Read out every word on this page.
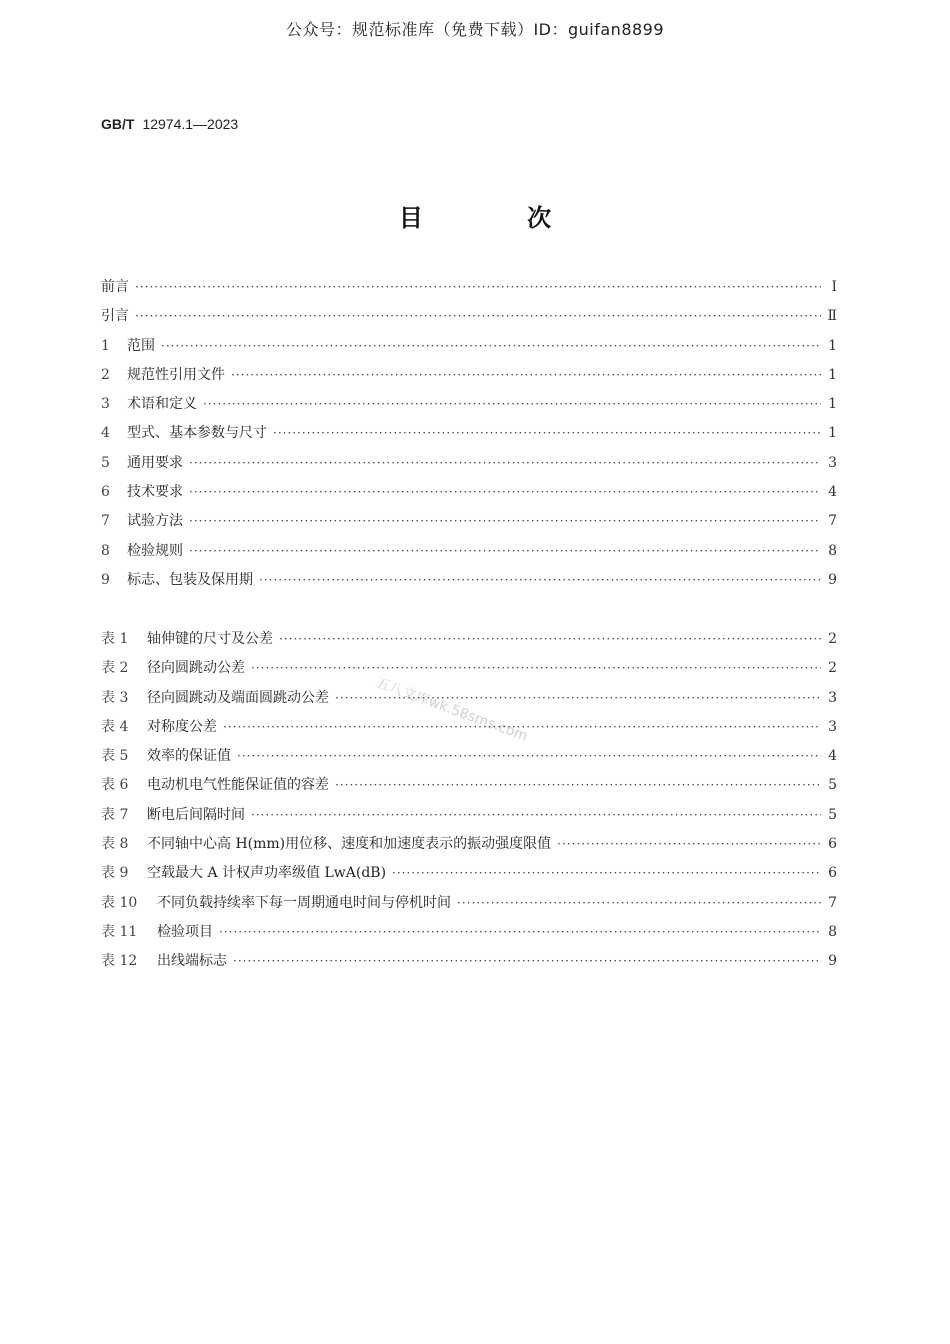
公众号：规范标准库（免费下载）ID：guifan8899
GB/T 12974.1—2023
目 次
前言 ·····	Ⅰ
引言 ·····	Ⅱ
1 范围 ·····	1
2 规范性引用文件 ·····	1
3 术语和定义 ·····	1
4 型式、基本参数与尺寸 ·····	1
5 通用要求 ·····	3
6 技术要求 ·····	4
7 试验方法 ·····	7
8 检验规则 ·····	8
9 标志、包装及保用期 ·····	9
表 1 轴伸键的尺寸及公差 ·····	2
表 2 径向圆跳动公差 ·····	2
表 3 径向圆跳动及端面圆跳动公差 ·····	3
表 4 对称度公差 ·····	3
表 5 效率的保证值 ·····	4
表 6 电动机电气性能保证值的容差 ·····	5
表 7 断电后间隔时间 ·····	5
表 8 不同轴中心高 H(mm)用位移、速度和加速度表示的振动强度限值 ·····	6
表 9 空载最大 A 计权声功率级值 LwA(dB) ·····	6
表 10 不同负载持续率下每一周期通电时间与停机时间 ·····	7
表 11 检验项目 ·····	8
表 12 出线端标志 ·····	9
五八文库wk.58sms.com
